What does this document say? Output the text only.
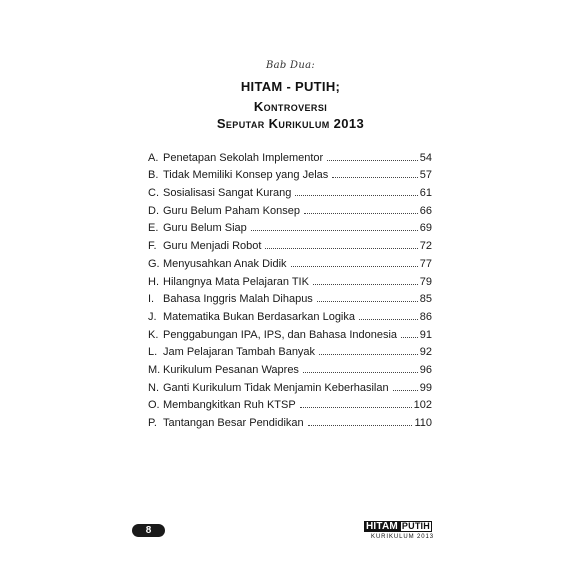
Bab Dua:
HITAM - PUTIH;
Kontroversi
Seputar Kurikulum 2013
A. Penetapan Sekolah Implementor	54
B. Tidak Memiliki Konsep yang Jelas	57
C. Sosialisasi Sangat Kurang	61
D. Guru Belum Paham Konsep	66
E. Guru Belum Siap	69
F. Guru Menjadi Robot	72
G. Menyusahkan Anak Didik	77
H. Hilangnya Mata Pelajaran TIK	79
I. Bahasa Inggris Malah Dihapus	85
J. Matematika Bukan Berdasarkan Logika	86
K. Penggabungan IPA, IPS, dan Bahasa Indonesia 91
L. Jam Pelajaran Tambah Banyak	92
M. Kurikulum Pesanan Wapres	96
N. Ganti Kurikulum Tidak Menjamin Keberhasilan	99
O. Membangkitkan Ruh KTSP	102
P. Tantangan Besar Pendidikan	110
8	HITAM PUTIH
KURIKULUM 2013
